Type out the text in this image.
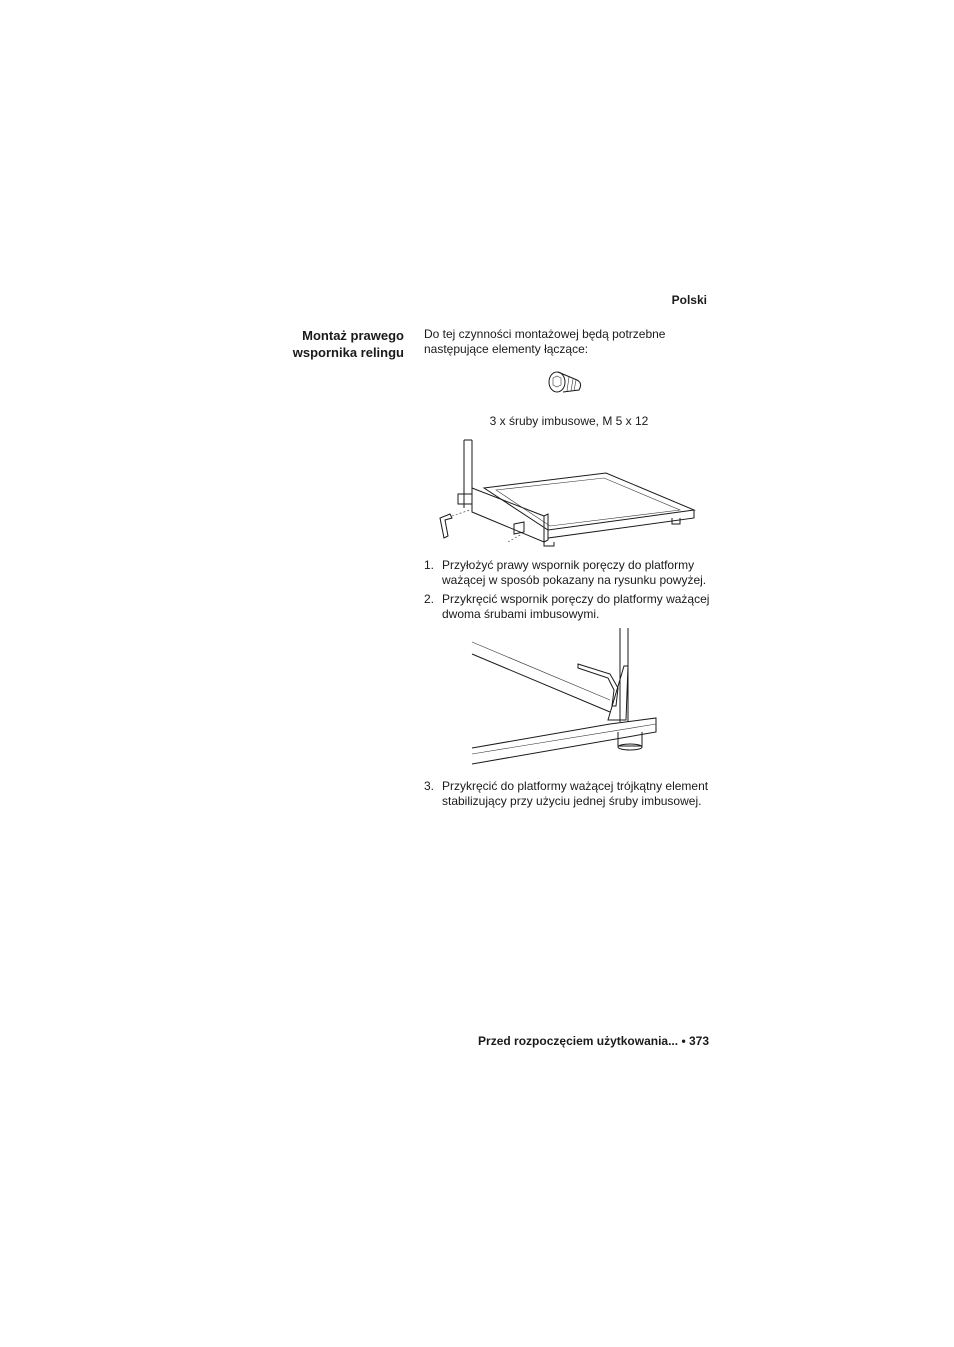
Polski
Montaż prawego
wspornika relingu
Do tej czynności montażowej będą potrzebne następujące elementy łączące:
3 x śruby imbusowe, M 5 x 12
1. Przyłożyć prawy wspornik poręczy do platformy ważącej w sposób pokazany na rysunku powyżej.
2. Przykręcić wspornik poręczy do platformy ważącej dwoma śrubami imbusowymi.
3. Przykręcić do platformy ważącej trójkątny element stabilizujący przy użyciu jednej śruby imbusowej.
Przed rozpoczęciem użytkowania... • 373
